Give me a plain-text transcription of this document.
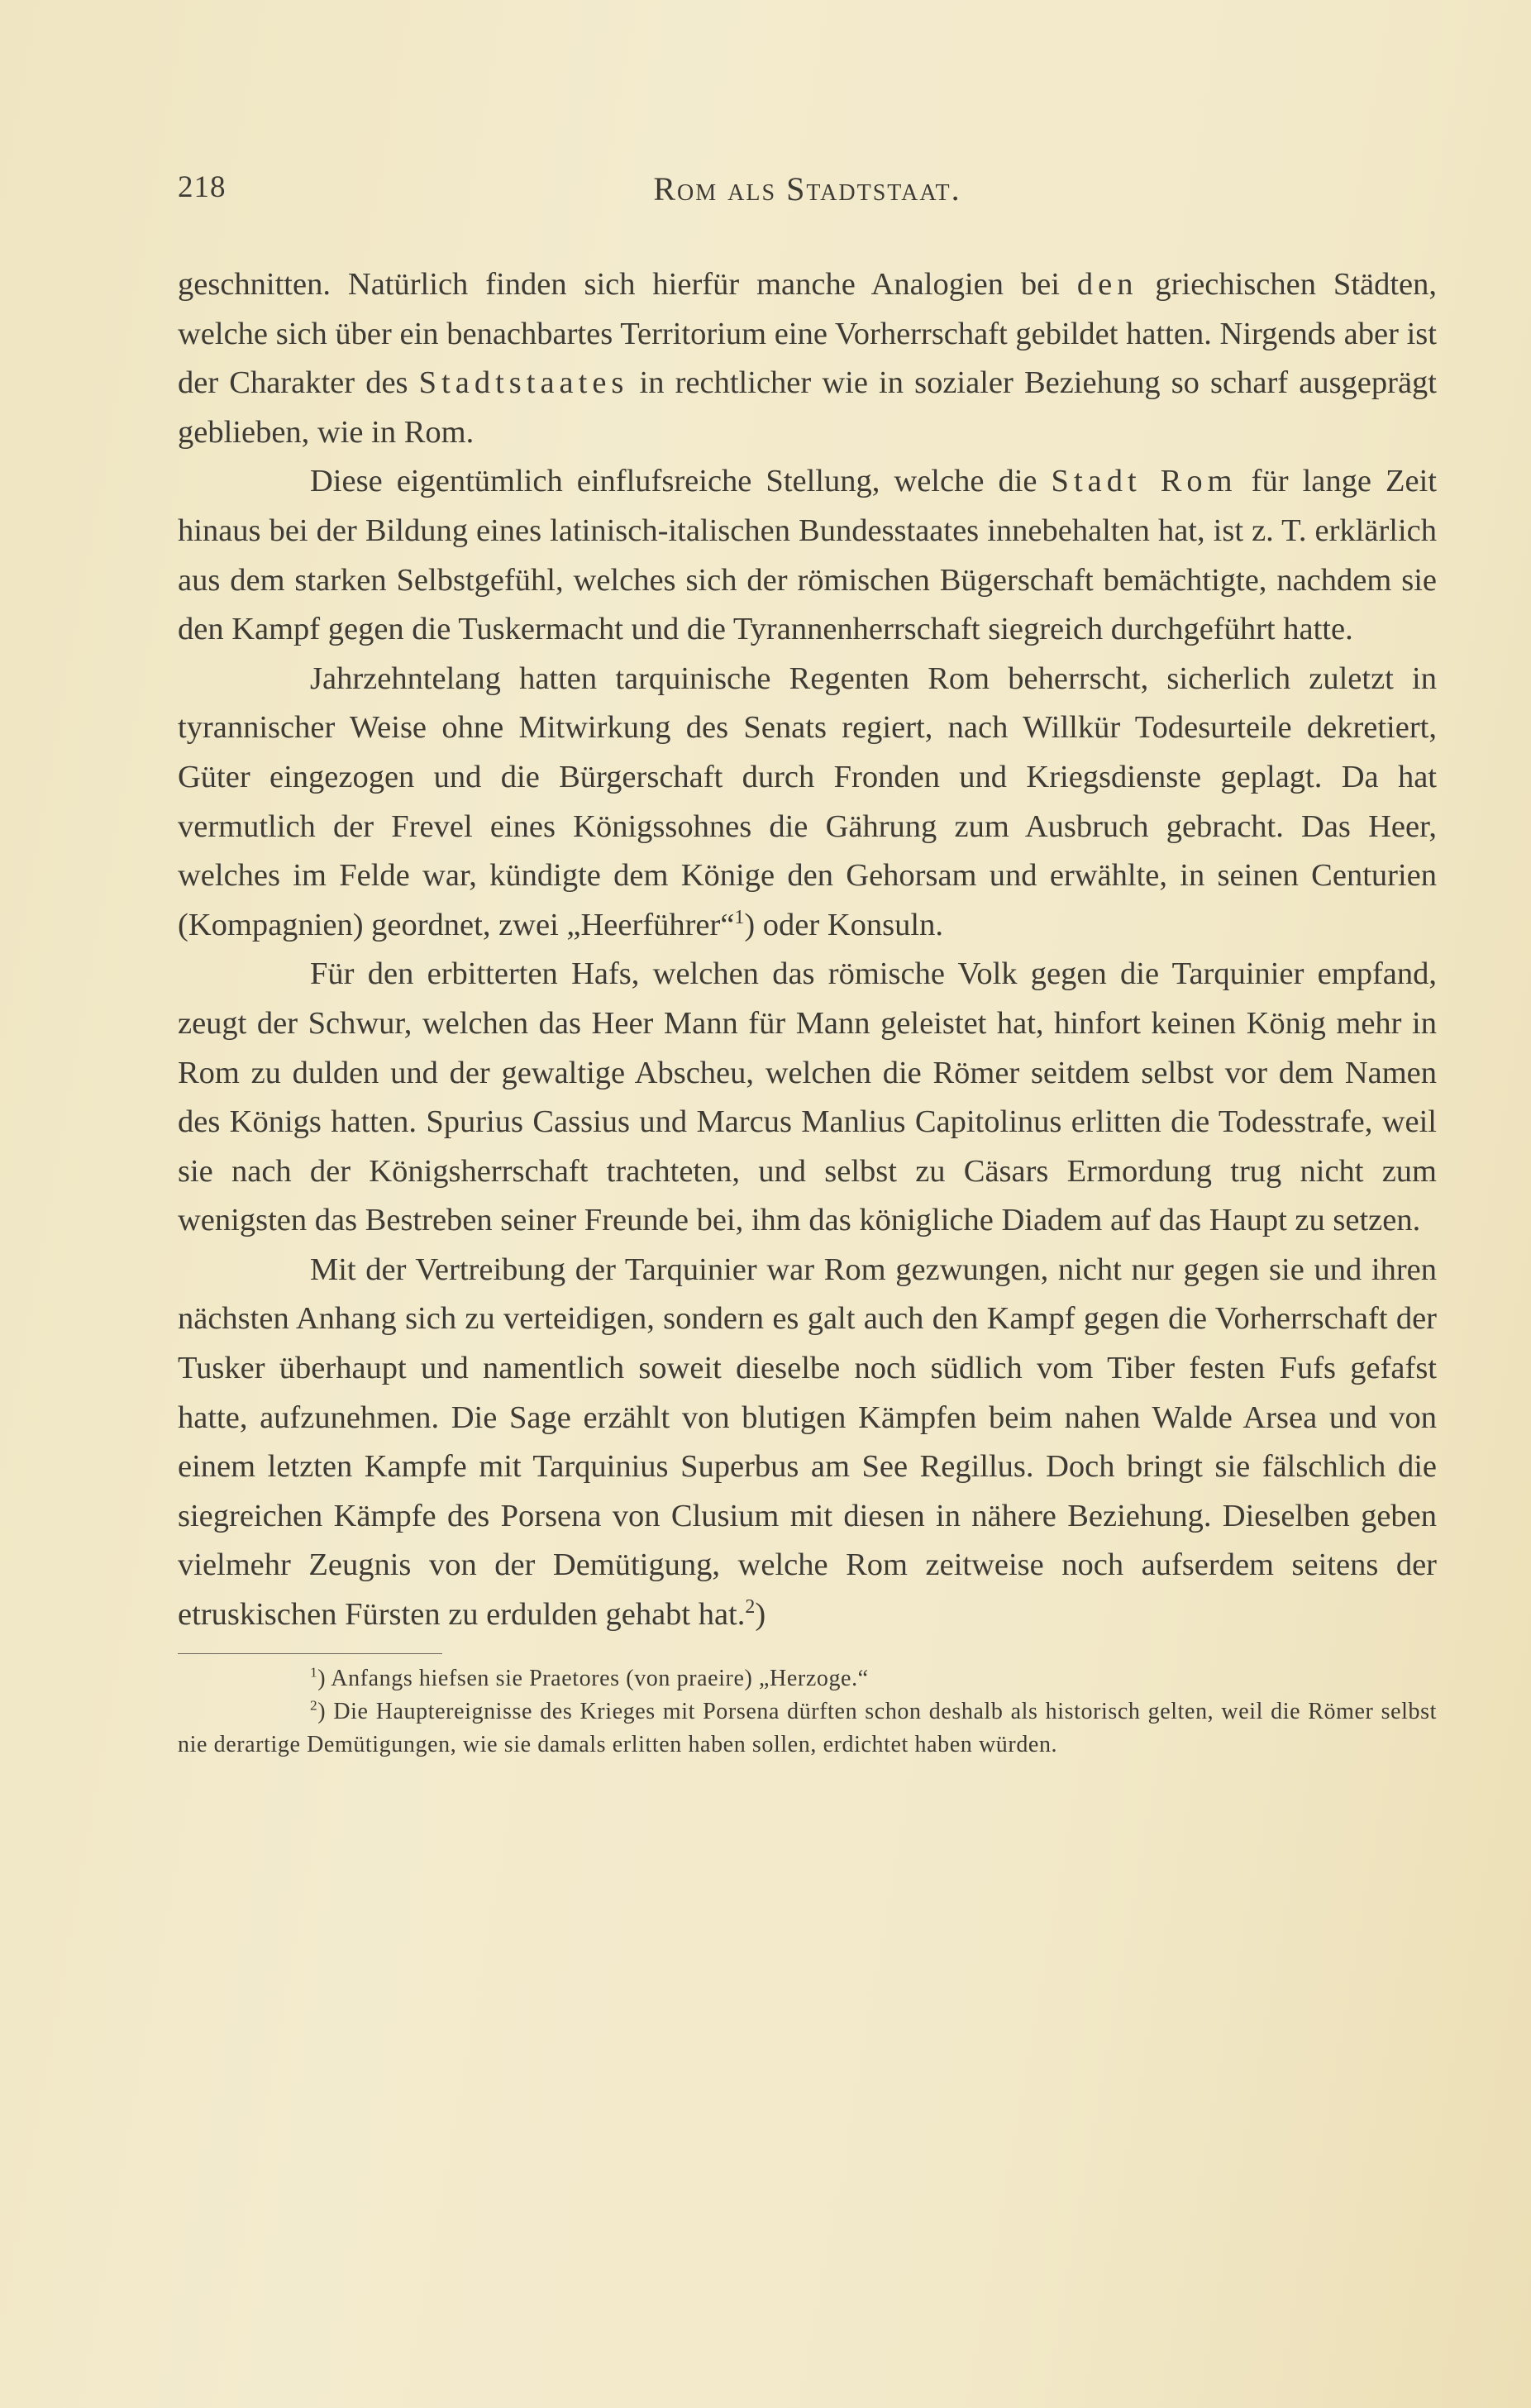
218	Rom als Stadtstaat.

geschnitten. Natürlich finden sich hierfür manche Analogien bei den griechischen Städten, welche sich über ein benachbartes Territorium eine Vorherrschaft gebildet hatten. Nirgends aber ist der Charakter des Stadtstaates in rechtlicher wie in sozialer Beziehung so scharf ausgeprägt geblieben, wie in Rom.

Diese eigentümlich einflufsreiche Stellung, welche die Stadt Rom für lange Zeit hinaus bei der Bildung eines latinisch-italischen Bundesstaates innebehalten hat, ist z. T. erklärlich aus dem starken Selbstgefühl, welches sich der römischen Bügerschaft bemächtigte, nachdem sie den Kampf gegen die Tuskermacht und die Tyrannenherrschaft siegreich durchgeführt hatte.

Jahrzehntelang hatten tarquinische Regenten Rom beherrscht, sicherlich zuletzt in tyrannischer Weise ohne Mitwirkung des Senats regiert, nach Willkür Todesurteile dekretiert, Güter eingezogen und die Bürgerschaft durch Fronden und Kriegsdienste geplagt. Da hat vermutlich der Frevel eines Königssohnes die Gährung zum Ausbruch gebracht. Das Heer, welches im Felde war, kündigte dem Könige den Gehorsam und erwählte, in seinen Centurien (Kompagnien) geordnet, zwei „Heerführer“$^1$) oder Konsuln.

Für den erbitterten Hafs, welchen das römische Volk gegen die Tarquinier empfand, zeugt der Schwur, welchen das Heer Mann für Mann geleistet hat, hinfort keinen König mehr in Rom zu dulden und der gewaltige Abscheu, welchen die Römer seitdem selbst vor dem Namen des Königs hatten. Spurius Cassius und Marcus Manlius Capitolinus erlitten die Todesstrafe, weil sie nach der Königsherrschaft trachteten, und selbst zu Cäsars Ermordung trug nicht zum wenigsten das Bestreben seiner Freunde bei, ihm das königliche Diadem auf das Haupt zu setzen.

Mit der Vertreibung der Tarquinier war Rom gezwungen, nicht nur gegen sie und ihren nächsten Anhang sich zu verteidigen, sondern es galt auch den Kampf gegen die Vorherrschaft der Tusker überhaupt und namentlich soweit dieselbe noch südlich vom Tiber festen Fufs gefafst hatte, aufzunehmen. Die Sage erzählt von blutigen Kämpfen beim nahen Walde Arsea und von einem letzten Kampfe mit Tarquinius Superbus am See Regillus. Doch bringt sie fälschlich die siegreichen Kämpfe des Porsena von Clusium mit diesen in nähere Beziehung. Dieselben geben vielmehr Zeugnis von der Demütigung, welche Rom zeitweise noch aufserdem seitens der etruskischen Fürsten zu erdulden gehabt hat.$^2$)

$^1$) Anfangs hiefsen sie Praetores (von praeire) „Herzoge.“

$^2$) Die Hauptereignisse des Krieges mit Porsena dürften schon deshalb als historisch gelten, weil die Römer selbst nie derartige Demütigungen, wie sie damals erlitten haben sollen, erdichtet haben würden.
